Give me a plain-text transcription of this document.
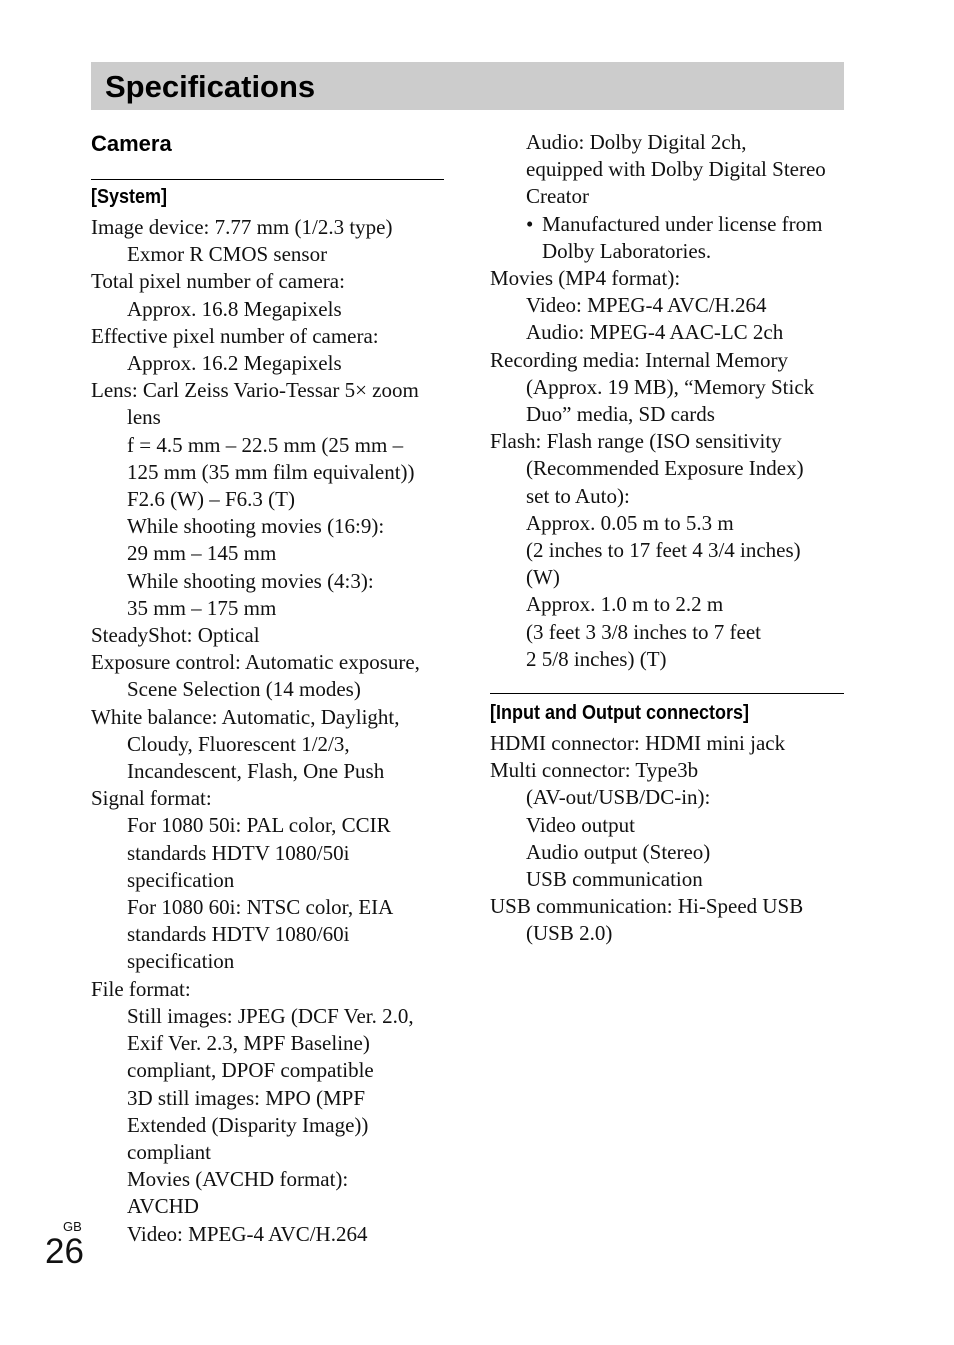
Specifications
Camera
[System]
Image device: 7.77 mm (1/2.3 type)
Exmor R CMOS sensor
Total pixel number of camera:
Approx. 16.8 Megapixels
Effective pixel number of camera:
Approx. 16.2 Megapixels
Lens: Carl Zeiss Vario-Tessar 5× zoom
lens
f = 4.5 mm – 22.5 mm (25 mm –
125 mm (35 mm film equivalent))
F2.6 (W) – F6.3 (T)
While shooting movies (16:9):
29 mm – 145 mm
While shooting movies (4:3):
35 mm – 175 mm
SteadyShot: Optical
Exposure control: Automatic exposure,
Scene Selection (14 modes)
White balance: Automatic, Daylight,
Cloudy, Fluorescent 1/2/3,
Incandescent, Flash, One Push
Signal format:
For 1080 50i: PAL color, CCIR
standards HDTV 1080/50i
specification
For 1080 60i: NTSC color, EIA
standards HDTV 1080/60i
specification
File format:
Still images: JPEG (DCF Ver. 2.0,
Exif Ver. 2.3, MPF Baseline)
compliant, DPOF compatible
3D still images: MPO (MPF
Extended (Disparity Image))
compliant
Movies (AVCHD format):
AVCHD
Video: MPEG-4 AVC/H.264
Audio: Dolby Digital 2ch,
equipped with Dolby Digital Stereo
Creator
• Manufactured under license from
Dolby Laboratories.
Movies (MP4 format):
Video: MPEG-4 AVC/H.264
Audio: MPEG-4 AAC-LC 2ch
Recording media: Internal Memory
(Approx. 19 MB), “Memory Stick
Duo” media, SD cards
Flash: Flash range (ISO sensitivity
(Recommended Exposure Index)
set to Auto):
Approx. 0.05 m to 5.3 m
(2 inches to 17 feet 4 3/4 inches)
(W)
Approx. 1.0 m to 2.2 m
(3 feet 3 3/8 inches to 7 feet
2 5/8 inches) (T)
[Input and Output connectors]
HDMI connector: HDMI mini jack
Multi connector: Type3b
(AV-out/USB/DC-in):
Video output
Audio output (Stereo)
USB communication
USB communication: Hi-Speed USB
(USB 2.0)
GB
26
